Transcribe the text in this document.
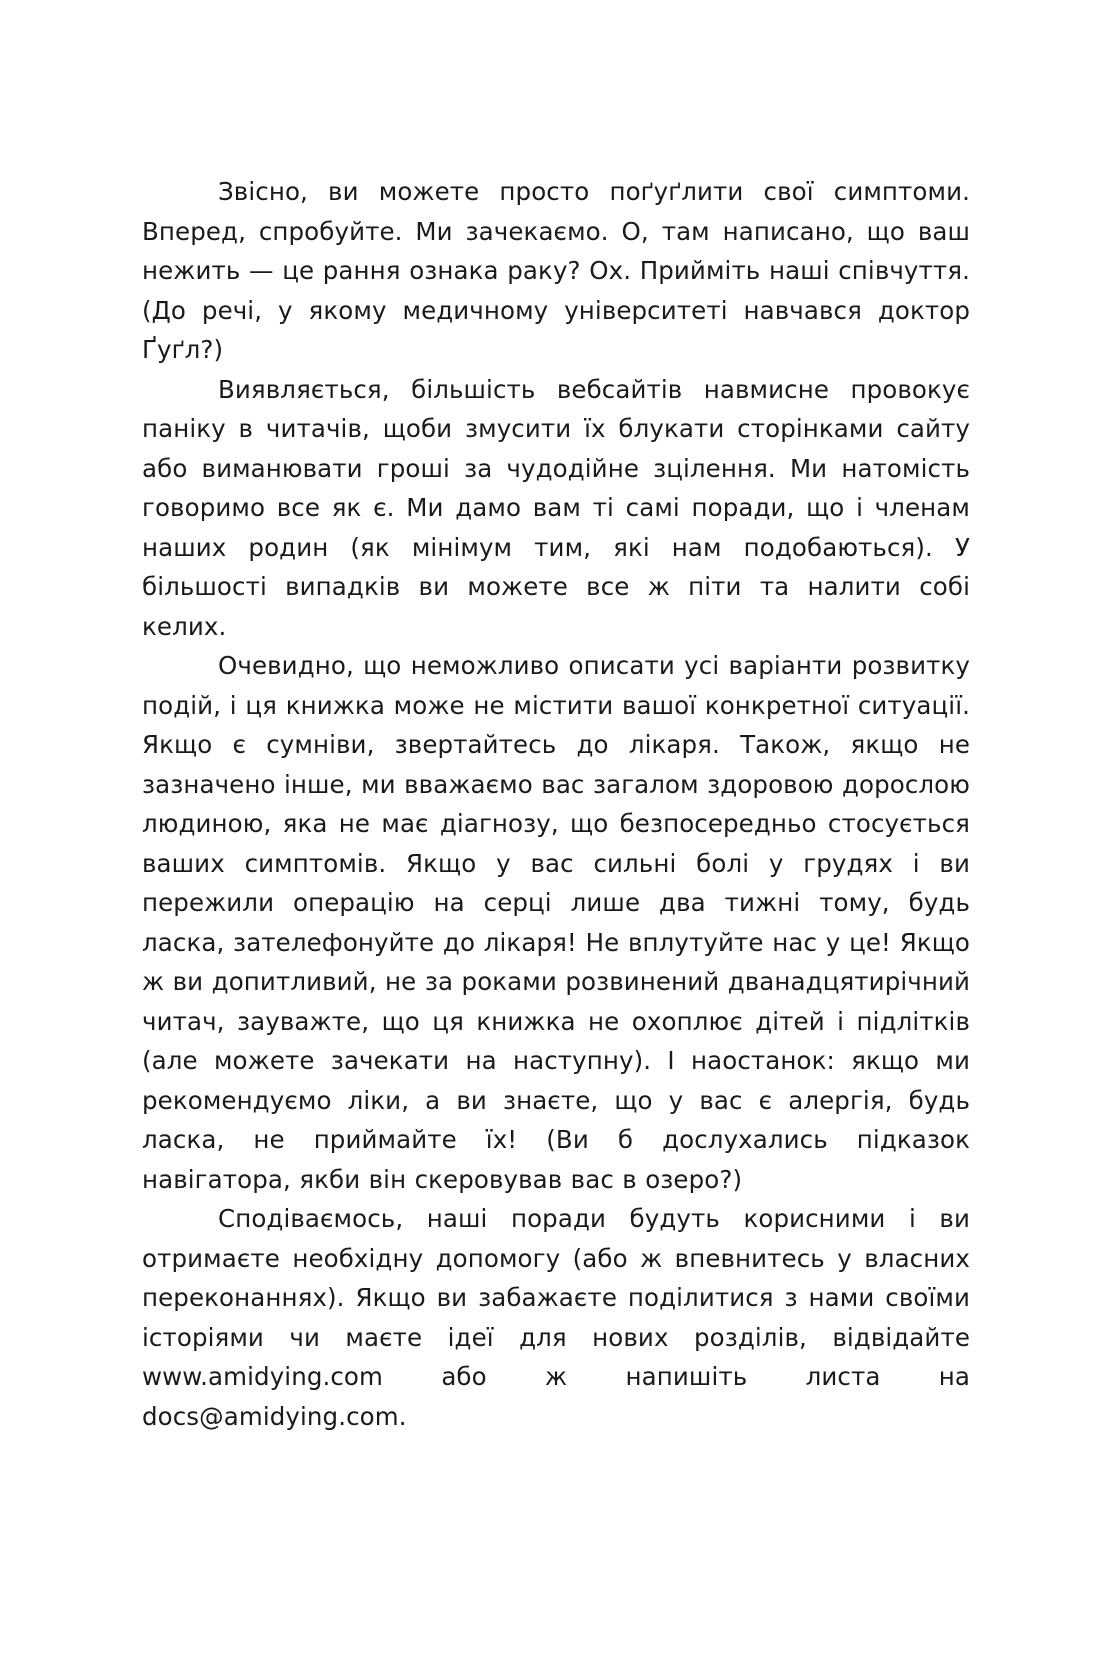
Звісно, ви можете просто поґуґлити свої симптоми. Вперед, спробуйте. Ми зачекаємо. О, там написано, що ваш нежить — це рання ознака раку? Ох. Прийміть наші співчуття. (До речі, у якому медичному університеті навчався доктор Ґуґл?)

Виявляється, більшість вебсайтів навмисне провокує паніку в читачів, щоби змусити їх блукати сторінками сайту або виманювати гроші за чудодійне зцілення. Ми натомість говоримо все як є. Ми дамо вам ті самі поради, що і членам наших родин (як мінімум тим, які нам подобаються). У більшості випадків ви можете все ж піти та налити собі келих.

Очевидно, що неможливо описати усі варіанти розвитку подій, і ця книжка може не містити вашої конкретної ситуації. Якщо є сумніви, звертайтесь до лікаря. Також, якщо не зазначено інше, ми вважаємо вас загалом здоровою дорослою людиною, яка не має діагнозу, що безпосередньо стосується ваших симптомів. Якщо у вас сильні болі у грудях і ви пережили операцію на серці лише два тижні тому, будь ласка, зателефонуйте до лікаря! Не вплутуйте нас у це! Якщо ж ви допитливий, не за роками розвинений дванадцятирічний читач, зауважте, що ця книжка не охоплює дітей і підлітків (але можете зачекати на наступну). І наостанок: якщо ми рекомендуємо ліки, а ви знаєте, що у вас є алергія, будь ласка, не приймайте їх! (Ви б дослухались підказок навігатора, якби він скеровував вас в озеро?)

Сподіваємось, наші поради будуть корисними і ви отримаєте необхідну допомогу (або ж впевнитесь у власних переконаннях). Якщо ви забажаєте поділитися з нами своїми історіями чи маєте ідеї для нових розділів, відвідайте www.amidying.com або ж напишіть листа на docs@amidying.com.
